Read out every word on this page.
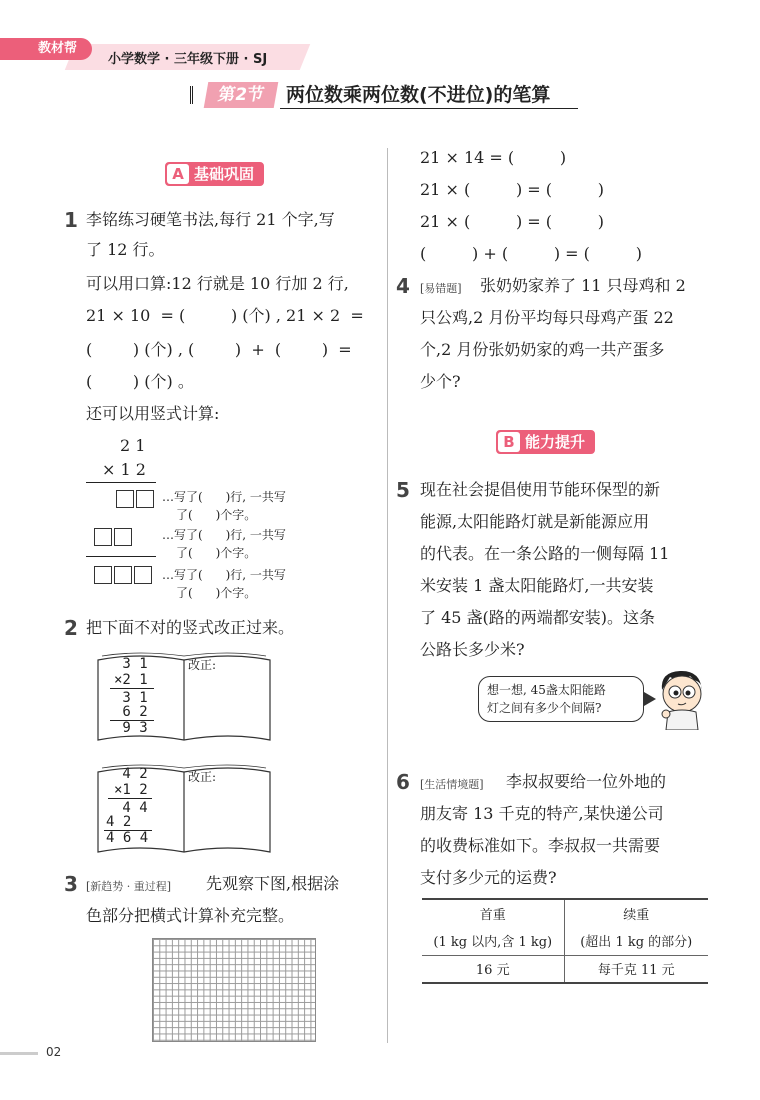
教材帮
小学数学 · 三年级下册 · SJ
第2节	两位数乘两位数(不进位)的笔算
A 基础巩固
1 李铭练习硬笔书法,每行 21 个字,写
了 12 行。
可以用口算:12 行就是 10 行加 2 行,
21 × 10  = (         ) (个) , 21 × 2  =
(        ) (个) , (        )  +  (        )  =
(        ) (个) 。
还可以用竖式计算:
2 1
× 1 2
…写了(      )行, 一共写
了(      )个字。
…写了(      )行, 一共写
了(      )个字。
…写了(      )行, 一共写
了(      )个字。
2 把下面不对的竖式改正过来。
3 1
×2 1
3 1
6 2
9 3
改正:
4 2
×1 2
4 4
4 2
4 6 4
改正:
3 [新趋势 · 重过程] 先观察下图,根据涂
色部分把横式计算补充完整。
21 × 14 = (         )
21 × (         ) = (         )
21 × (         ) = (         )
(         ) + (         ) = (         )
4 [易错题] 张奶奶家养了 11 只母鸡和 2
只公鸡,2 月份平均每只母鸡产蛋 22
个,2 月份张奶奶家的鸡一共产蛋多
少个?
B 能力提升
5 现在社会提倡使用节能环保型的新
能源,太阳能路灯就是新能源应用
的代表。在一条公路的一侧每隔 11
米安装 1 盏太阳能路灯,一共安装
了 45 盏(路的两端都安装)。这条
公路长多少米?
想一想, 45盏太阳能路
灯之间有多少个间隔?
6 [生活情境题] 李叔叔要给一位外地的
朋友寄 13 千克的特产,某快递公司
的收费标准如下。李叔叔一共需要
支付多少元的运费?
首重	续重
(1 kg 以内,含 1 kg)	(超出 1 kg 的部分)
16 元	每千克 11 元
02
